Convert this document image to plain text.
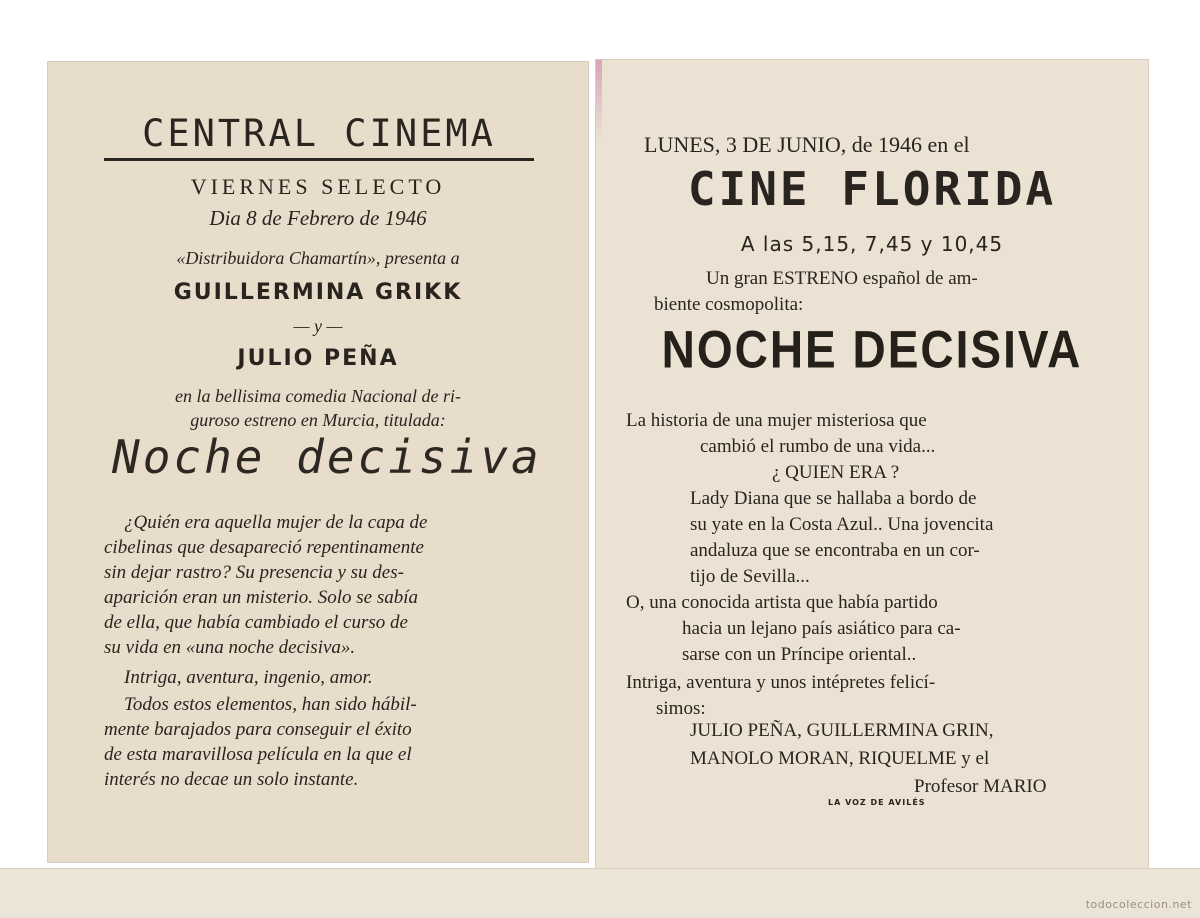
CENTRAL CINEMA
VIERNES SELECTO
Dia 8 de Febrero de 1946
«Distribuidora Chamartín», presenta a
GUILLERMINA GRIKK
— y —
JULIO PEÑA
en la bellisima comedia Nacional de ri-
guroso estreno en Murcia, titulada:
Noche decisiva
¿Quién era aquella mujer de la capa de
cibelinas que desapareció repentinamente
sin dejar rastro? Su presencia y su des-
aparición eran un misterio. Solo se sabía
de ella, que había cambiado el curso de
su vida en «una noche decisiva».
Intriga, aventura, ingenio, amor.
Todos estos elementos, han sido hábil-
mente barajados para conseguir el éxito
de esta maravillosa película en la que el
interés no decae un solo instante.
LUNES, 3 DE JUNIO, de 1946 en el
CINE FLORIDA
A las 5,15, 7,45 y 10,45
Un gran ESTRENO español de am-
biente cosmopolita:
NOCHE DECISIVA
La historia de una mujer misteriosa que
cambió el rumbo de una vida...
¿ QUIEN ERA ?
Lady Diana que se hallaba a bordo de
su yate en la Costa Azul.. Una jovencita
andaluza que se encontraba en un cor-
tijo de Sevilla...
O, una conocida artista que había partido
hacia un lejano país asiático para ca-
sarse con un Príncipe oriental..
Intriga, aventura y unos intépretes felicí-
simos:
JULIO PEÑA, GUILLERMINA GRIN,
MANOLO MORAN, RIQUELME y el
Profesor MARIO
LA VOZ DE AVILÉS
todocoleccion.net
